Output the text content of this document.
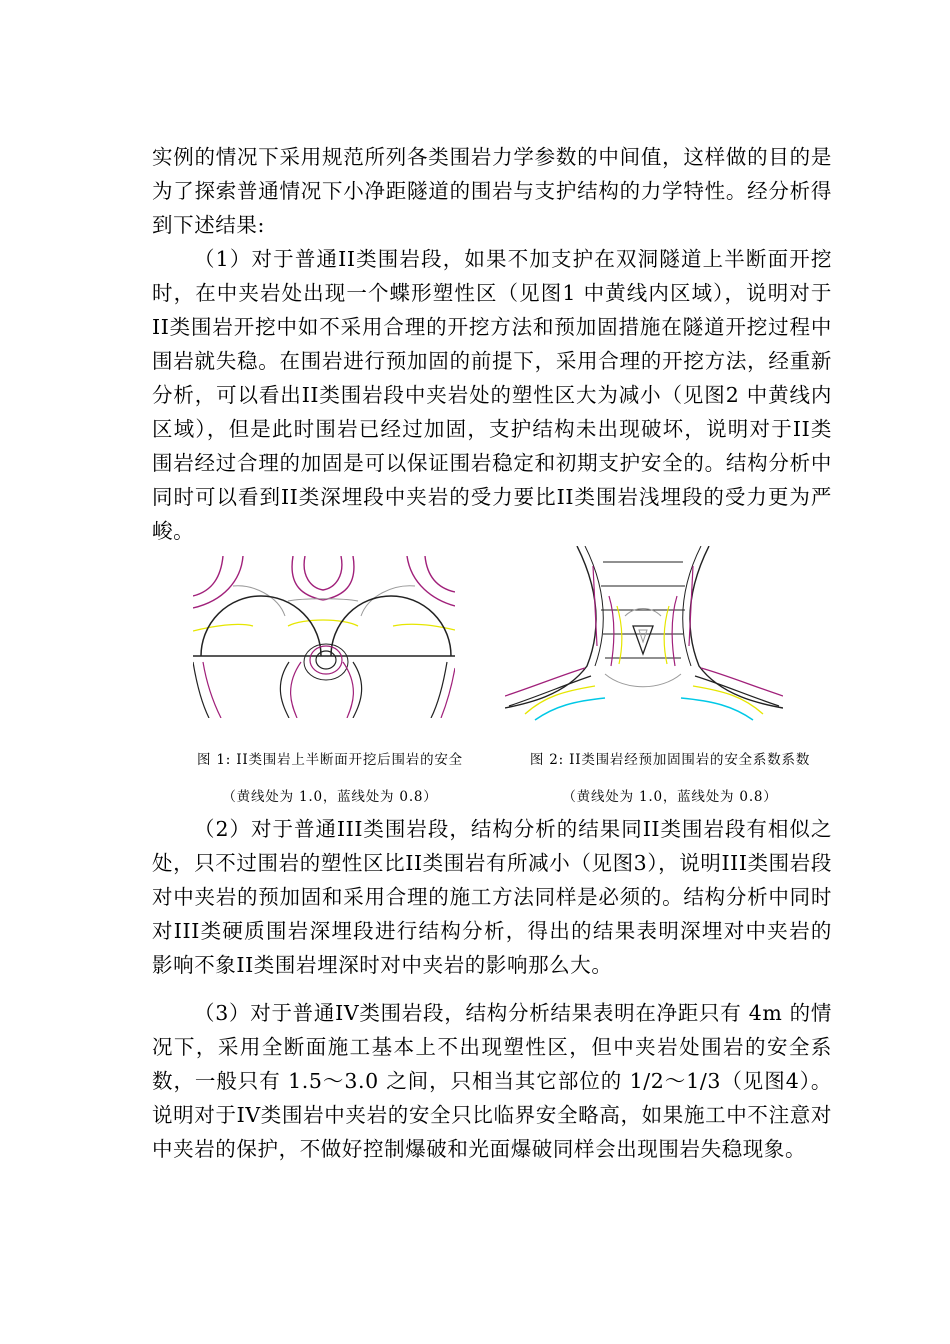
实例的情况下采用规范所列各类围岩力学参数的中间值，这样做的目的是为了探索普通情况下小净距隧道的围岩与支护结构的力学特性。经分析得到下述结果:

（1）对于普通II类围岩段，如果不加支护在双洞隧道上半断面开挖时，在中夹岩处出现一个蝶形塑性区（见图1 中黄线内区域），说明对于II类围岩开挖中如不采用合理的开挖方法和预加固措施在隧道开挖过程中围岩就失稳。在围岩进行预加固的前提下，采用合理的开挖方法，经重新分析，可以看出II类围岩段中夹岩处的塑性区大为减小（见图2 中黄线内区域），但是此时围岩已经过加固，支护结构未出现破坏，说明对于II类围岩经过合理的加固是可以保证围岩稳定和初期支护安全的。结构分析中同时可以看到II类深埋段中夹岩的受力要比II类围岩浅埋段的受力更为严峻。

图 1: II类围岩上半断面开挖后围岩的安全
（黄线处为 1.0，蓝线处为 0.8）
图 2: II类围岩经预加固围岩的安全系数系数
（黄线处为 1.0，蓝线处为 0.8）

（2）对于普通III类围岩段，结构分析的结果同II类围岩段有相似之处，只不过围岩的塑性区比II类围岩有所减小（见图3），说明III类围岩段对中夹岩的预加固和采用合理的施工方法同样是必须的。结构分析中同时对III类硬质围岩深埋段进行结构分析，得出的结果表明深埋对中夹岩的影响不象II类围岩埋深时对中夹岩的影响那么大。

（3）对于普通IV类围岩段，结构分析结果表明在净距只有 4m 的情况下，采用全断面施工基本上不出现塑性区，但中夹岩处围岩的安全系数，一般只有 1.5～3.0 之间，只相当其它部位的 1/2～1/3（见图4）。说明对于IV类围岩中夹岩的安全只比临界安全略高，如果施工中不注意对中夹岩的保护，不做好控制爆破和光面爆破同样会出现围岩失稳现象。
